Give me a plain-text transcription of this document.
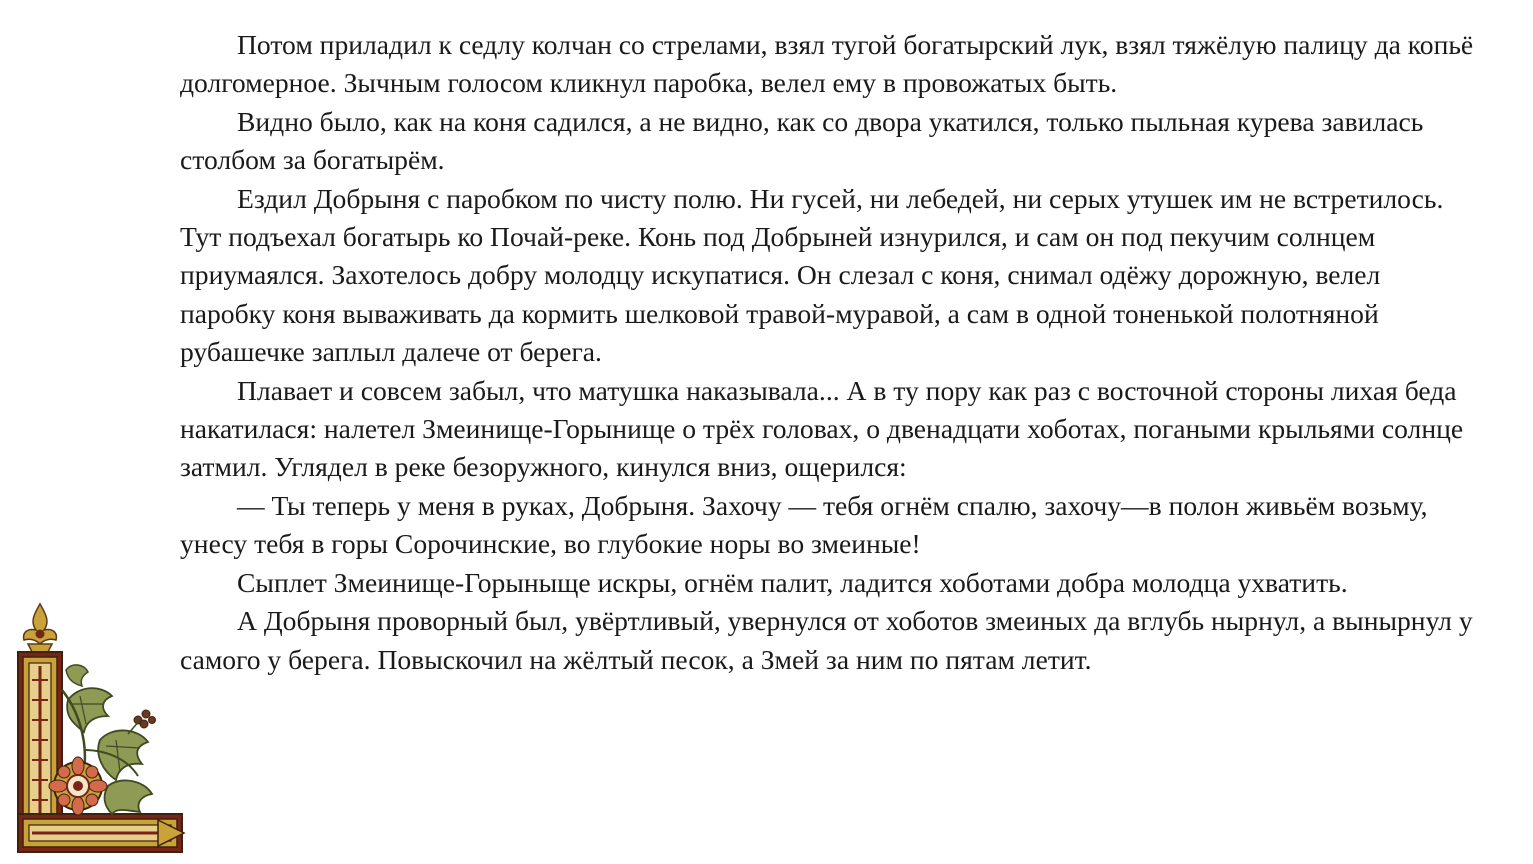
Потом приладил к седлу колчан со стрелами, взял тугой богатырский лук, взял тяжёлую палицу да копьё долгомерное. Зычным голосом кликнул паробка, велел ему в провожатых быть.

Видно было, как на коня садился, а не видно, как со двора укатился, только пыльная курева завилась столбом за богатырём.

Ездил Добрыня с паробком по чисту полю. Ни гусей, ни лебедей, ни серых утушек им не встретилось. Тут подъехал богатырь ко Почай-реке. Конь под Добрыней изнурился, и сам он под пекучим солнцем приумаялся. Захотелось добру молодцу искупатися. Он слезал с коня, снимал одёжу дорожную, велел паробку коня вываживать да кормить шелковой травой-муравой, а сам в одной тоненькой полотняной рубашечке заплыл далече от берега.

Плавает и совсем забыл, что матушка наказывала... А в ту пору как раз с восточной стороны лихая беда накатилася: налетел Змеинище-Горынище о трёх головах, о двенадцати хоботах, погаными крыльями солнце затмил. Углядел в реке безоружного, кинулся вниз, ощерился:

— Ты теперь у меня в руках, Добрыня. Захочу — тебя огнём спалю, захочу—в полон живьём возьму, унесу тебя в горы Сорочинские, во глубокие норы во змеиные!

Сыплет Змеинище-Горыныще искры, огнём палит, ладится хоботами добра молодца ухватить.

А Добрыня проворный был, увёртливый, увернулся от хоботов змеиных да вглубь нырнул, а вынырнул у самого у берега. Повыскочил на жёлтый песок, а Змей за ним по пятам летит.
